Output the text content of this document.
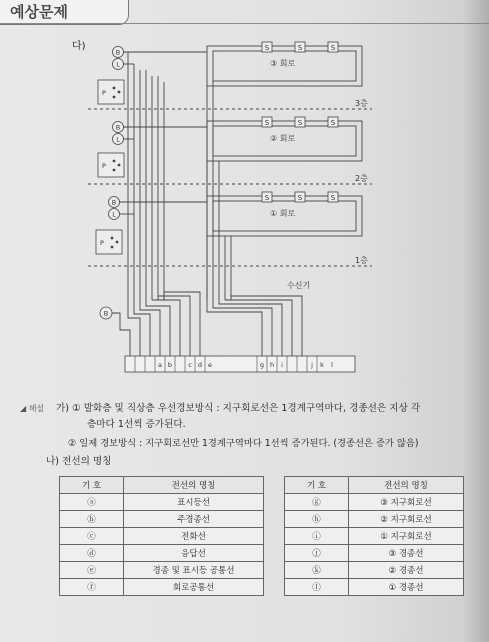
예상문제
다)
3층
2층
1층
③ 회로
② 회로
① 회로
S	S	S
S	S	S
S	S	S
B
L
B
L
B
L
B
P
P
P
수신기
a b c d e	g h i	j k l
◢ 해설 가) ① 발화층 및 직상층 우선경보방식 : 지구회로선은 1경계구역마다, 경종선은 지상 각
층마다 1선씩 증가된다.
② 일제 경보방식 : 지구회로선만 1경계구역마다 1선씩 증가된다. (경종선은 증가 않음)
나) 전선의 명칭
기 호	전선의 명칭
ⓐ	표시등선
ⓑ	주경종선
ⓒ	전화선
ⓓ	응답선
ⓔ	경종 및 표시등 공통선
ⓕ	회로공통선
기 호	전선의 명칭
ⓖ	③ 지구회로선
ⓗ	② 지구회로선
ⓘ	① 지구회로선
ⓙ	③ 경종선
ⓚ	② 경종선
ⓛ	① 경종선
